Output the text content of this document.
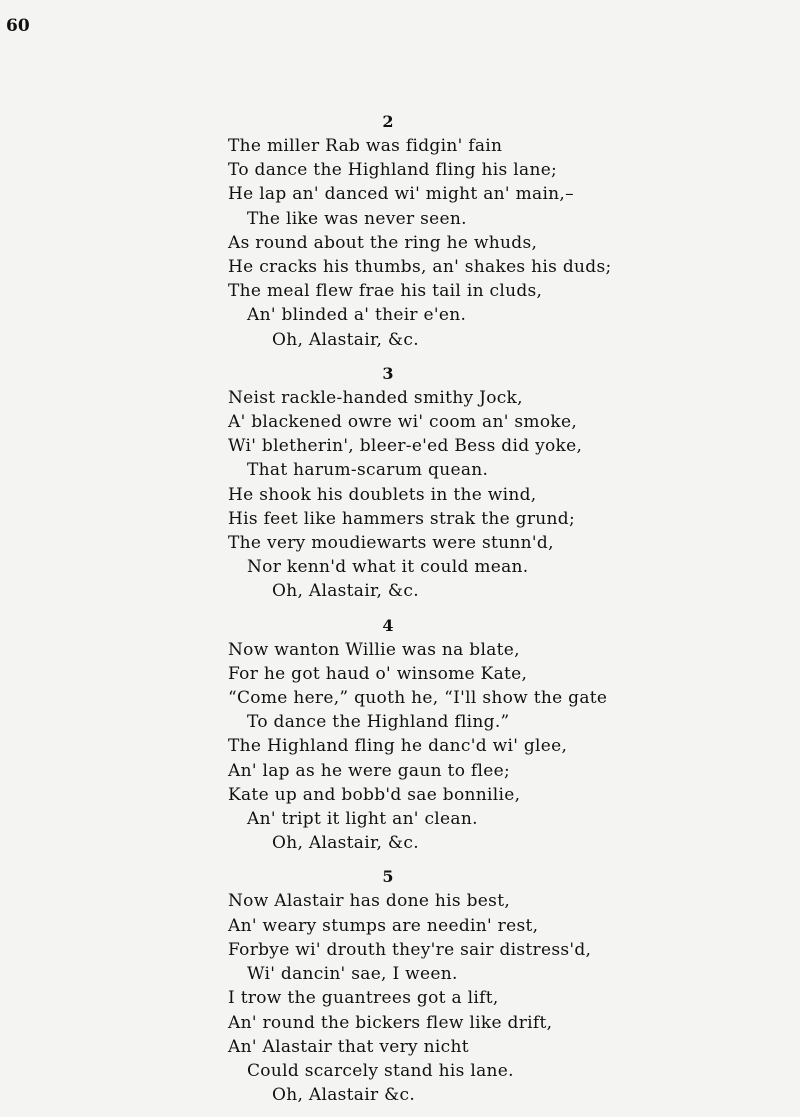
60
2
The miller Rab was fidgin' fain
To dance the Highland fling his lane;
He lap an' danced wi' might an' main,–
The like was never seen.
As round about the ring he whuds,
He cracks his thumbs, an' shakes his duds;
The meal flew frae his tail in cluds,
An' blinded a' their e'en.
Oh, Alastair, &c.
3
Neist rackle-handed smithy Jock,
A' blackened owre wi' coom an' smoke,
Wi' bletherin', bleer-e'ed Bess did yoke,
That harum-scarum quean.
He shook his doublets in the wind,
His feet like hammers strak the grund;
The very moudiewarts were stunn'd,
Nor kenn'd what it could mean.
Oh, Alastair, &c.
4
Now wanton Willie was na blate,
For he got haud o' winsome Kate,
“Come here,” quoth he, “I'll show the gate
To dance the Highland fling.”
The Highland fling he danc'd wi' glee,
An' lap as he were gaun to flee;
Kate up and bobb'd sae bonnilie,
An' tript it light an' clean.
Oh, Alastair, &c.
5
Now Alastair has done his best,
An' weary stumps are needin' rest,
Forbye wi' drouth they're sair distress'd,
Wi' dancin' sae, I ween.
I trow the guantrees got a lift,
An' round the bickers flew like drift,
An' Alastair that very nicht
Could scarcely stand his lane.
Oh, Alastair &c.
